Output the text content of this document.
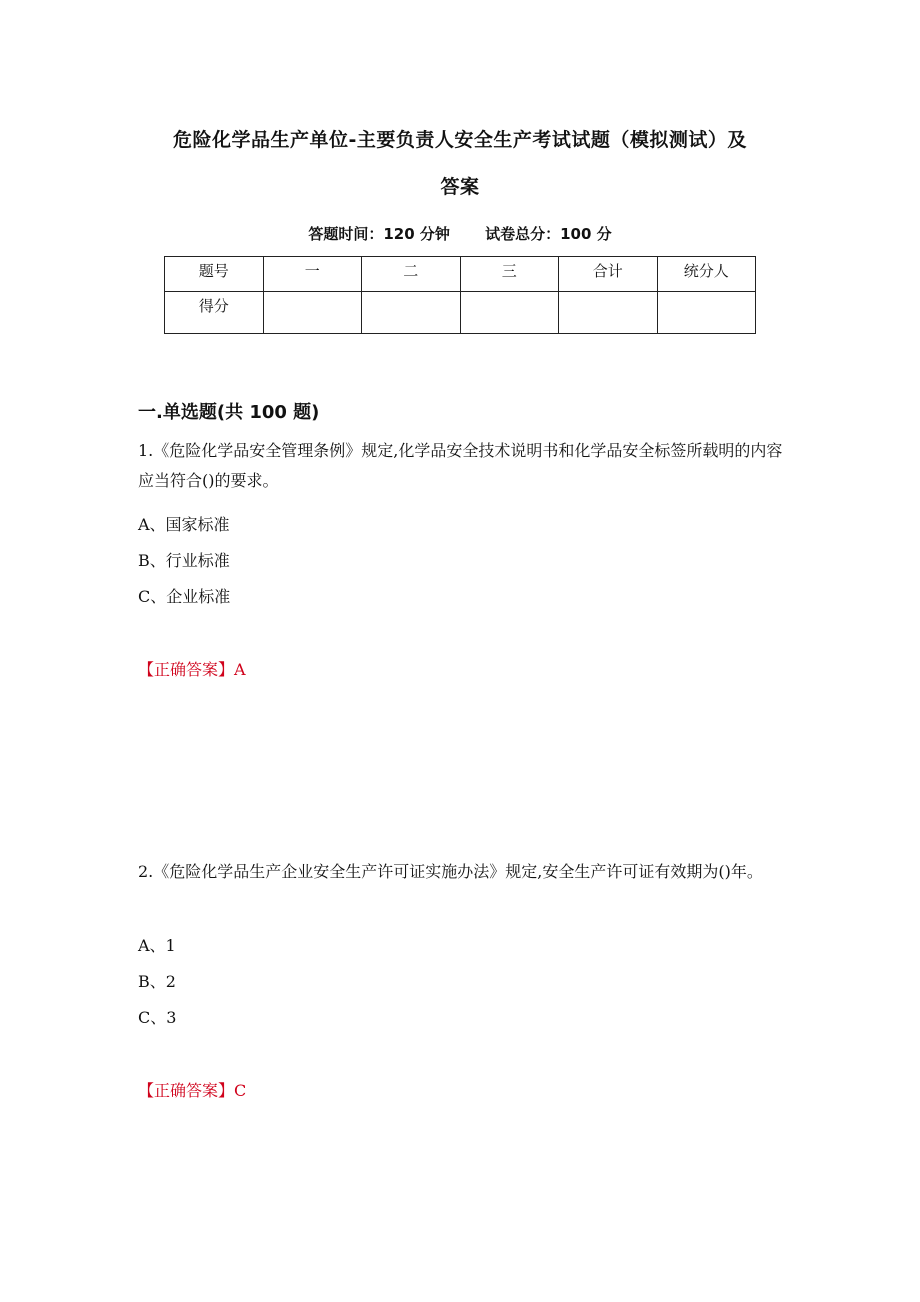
危险化学品生产单位-主要负责人安全生产考试试题（模拟测试）及
答案
答题时间：120 分钟 试卷总分：100 分
题号	一	二	三	合计	统分人
得分					
一.单选题(共 100 题)
1.《危险化学品安全管理条例》规定,化学品安全技术说明书和化学品安全标签所载明的内容应当符合()的要求。
A、国家标准
B、行业标准
C、企业标准
【正确答案】A
2.《危险化学品生产企业安全生产许可证实施办法》规定,安全生产许可证有效期为()年。
A、1
B、2
C、3
【正确答案】C
